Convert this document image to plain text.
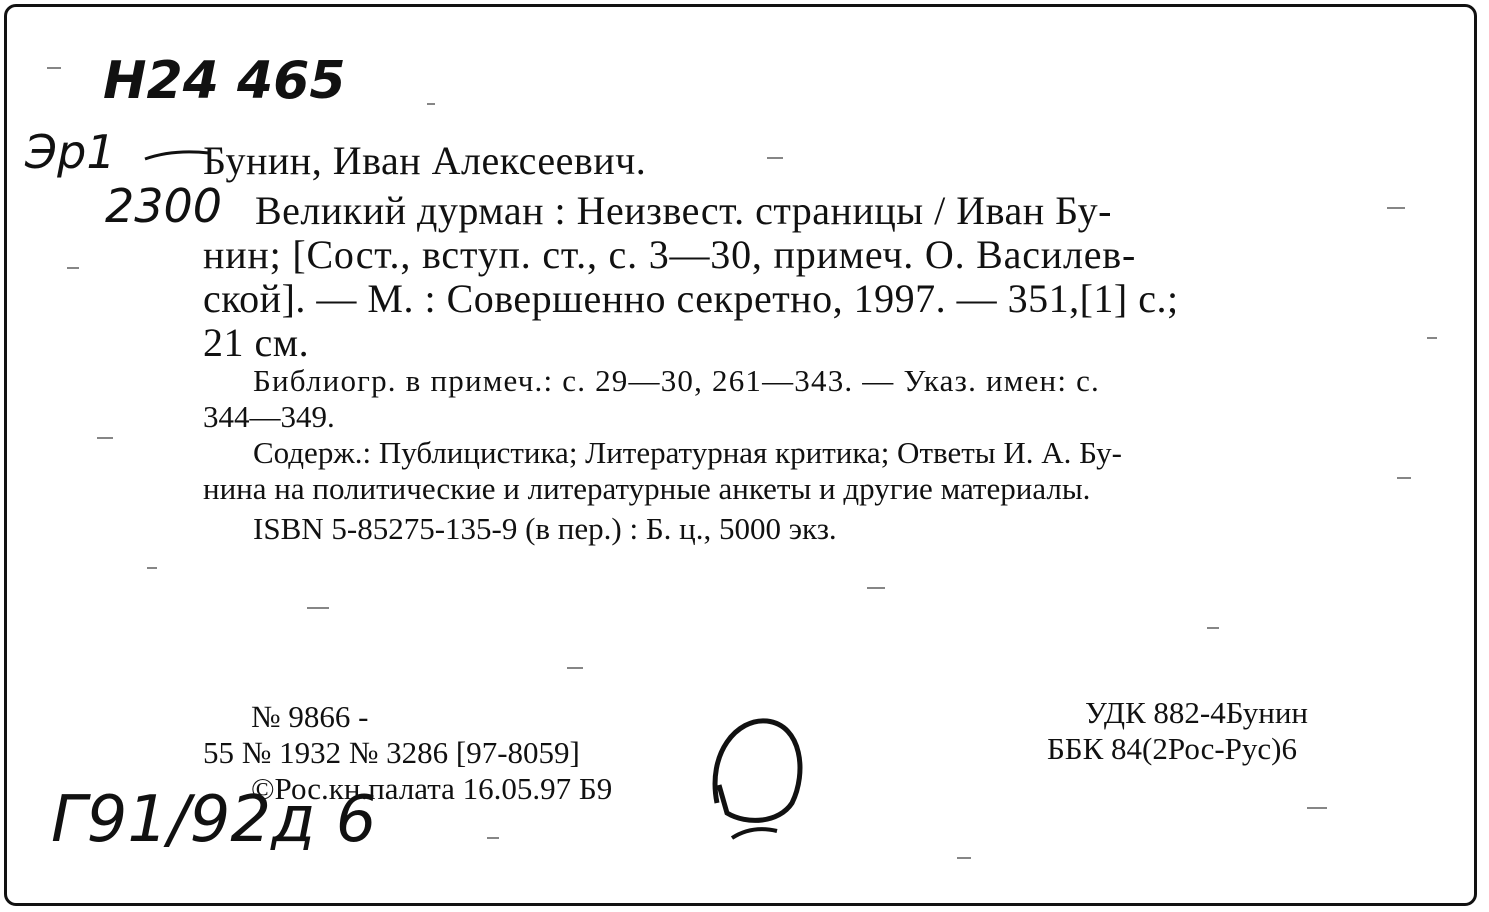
Н24 465
Эр1
2300
Бунин, Иван Алексеевич.
Великий дурман : Неизвест. страницы / Иван Бу-
нин; [Сост., вступ. ст., с. 3—30, примеч. О. Василев-
ской]. — М. : Совершенно секретно, 1997. — 351,[1] с.;
21 см.
Библиогр. в примеч.: с. 29—30, 261—343. — Указ. имен: с.
344—349.
Содерж.: Публицистика; Литературная критика; Ответы И. А. Бу-
нина на политические и литературные анкеты и другие материалы.
ISBN 5-85275-135-9 (в пер.) : Б. ц., 5000 экз.
№ 9866 -
55 № 1932 № 3286 [97-8059]
©Рос.кн.палата 16.05.97 Б9
УДК 882-4Бунин
ББК 84(2Рос-Рус)6
Г91/92д 6
